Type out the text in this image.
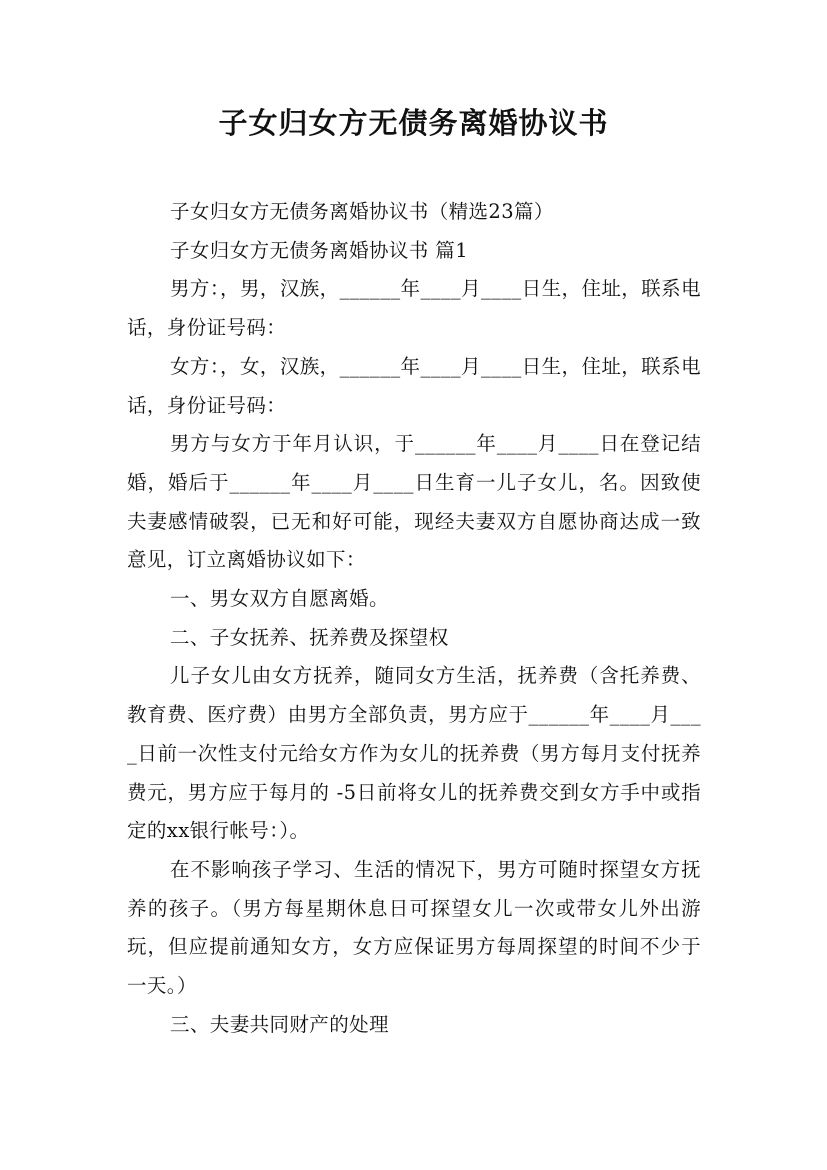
子女归女方无债务离婚协议书

子女归女方无债务离婚协议书（精选23篇）

子女归女方无债务离婚协议书 篇1

男方：，男，汉族，______年____月____日生，住址，联系电话，身份证号码：

女方：，女，汉族，______年____月____日生，住址，联系电话，身份证号码：

男方与女方于年月认识，于______年____月____日在登记结婚，婚后于______年____月____日生育一儿子女儿，名。因致使夫妻感情破裂，已无和好可能，现经夫妻双方自愿协商达成一致意见，订立离婚协议如下：

一、男女双方自愿离婚。

二、子女抚养、抚养费及探望权

儿子女儿由女方抚养，随同女方生活，抚养费（含托养费、教育费、医疗费）由男方全部负责，男方应于______年____月____日前一次性支付元给女方作为女儿的抚养费（男方每月支付抚养费元，男方应于每月的 -5日前将女儿的抚养费交到女方手中或指定的xx银行帐号：）。

在不影响孩子学习、生活的情况下，男方可随时探望女方抚养的孩子。（男方每星期休息日可探望女儿一次或带女儿外出游玩，但应提前通知女方，女方应保证男方每周探望的时间不少于一天。）

三、夫妻共同财产的处理
